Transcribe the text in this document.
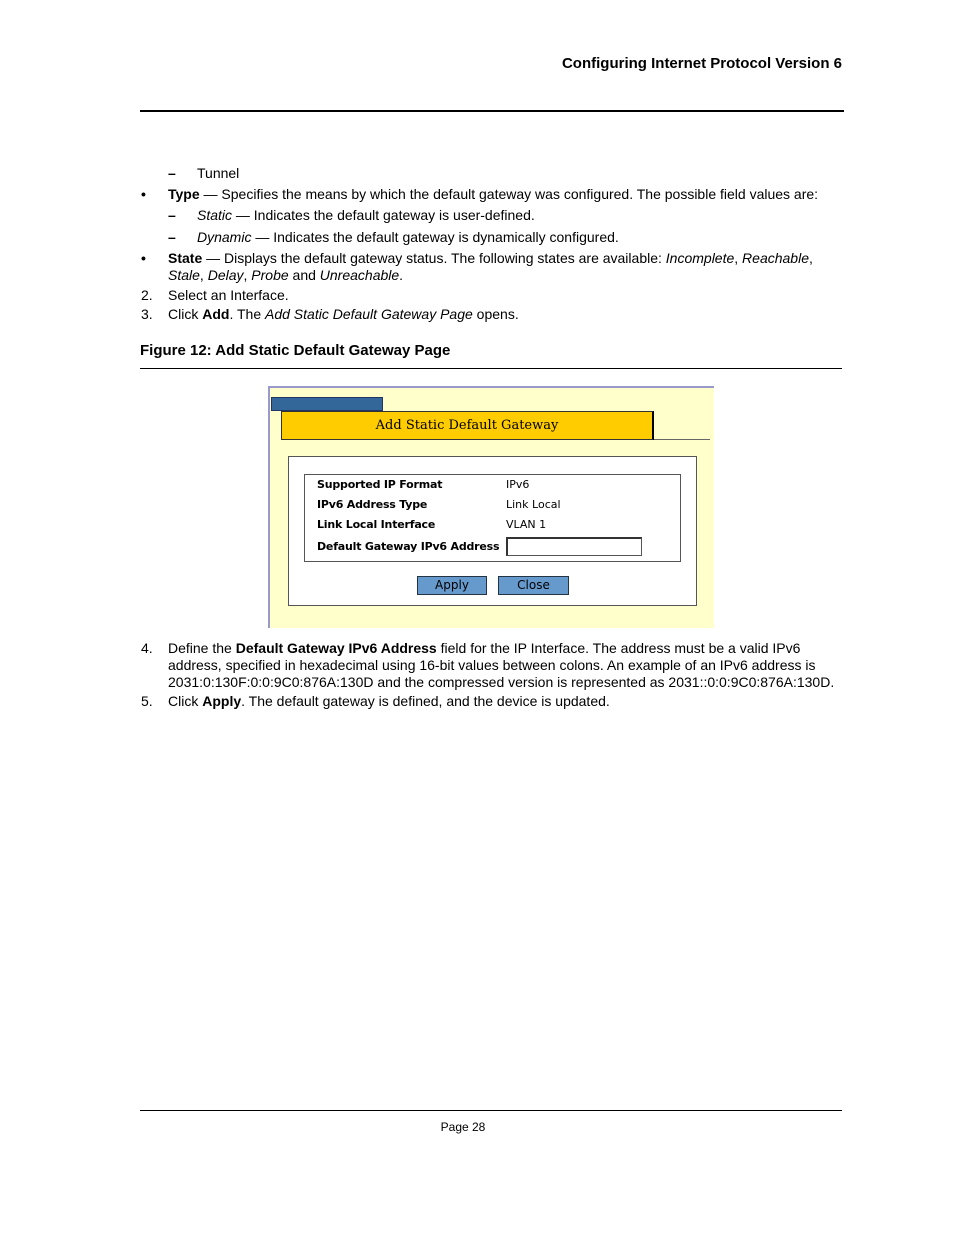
Configuring Internet Protocol Version 6
– Tunnel
• Type — Specifies the means by which the default gateway was configured. The possible field values are:
– Static — Indicates the default gateway is user-defined.
– Dynamic — Indicates the default gateway is dynamically configured.
• State — Displays the default gateway status. The following states are available: Incomplete, Reachable,
Stale, Delay, Probe and Unreachable.
2. Select an Interface.
3. Click Add. The Add Static Default Gateway Page opens.
Figure 12: Add Static Default Gateway Page
Add Static Default Gateway
Supported IP Format	IPv6
IPv6 Address Type	Link Local
Link Local Interface	VLAN 1
Default Gateway IPv6 Address
Apply	Close
4. Define the Default Gateway IPv6 Address field for the IP Interface. The address must be a valid IPv6
address, specified in hexadecimal using 16-bit values between colons. An example of an IPv6 address is
2031:0:130F:0:0:9C0:876A:130D and the compressed version is represented as 2031::0:0:9C0:876A:130D.
5. Click Apply. The default gateway is defined, and the device is updated.
Page 28
